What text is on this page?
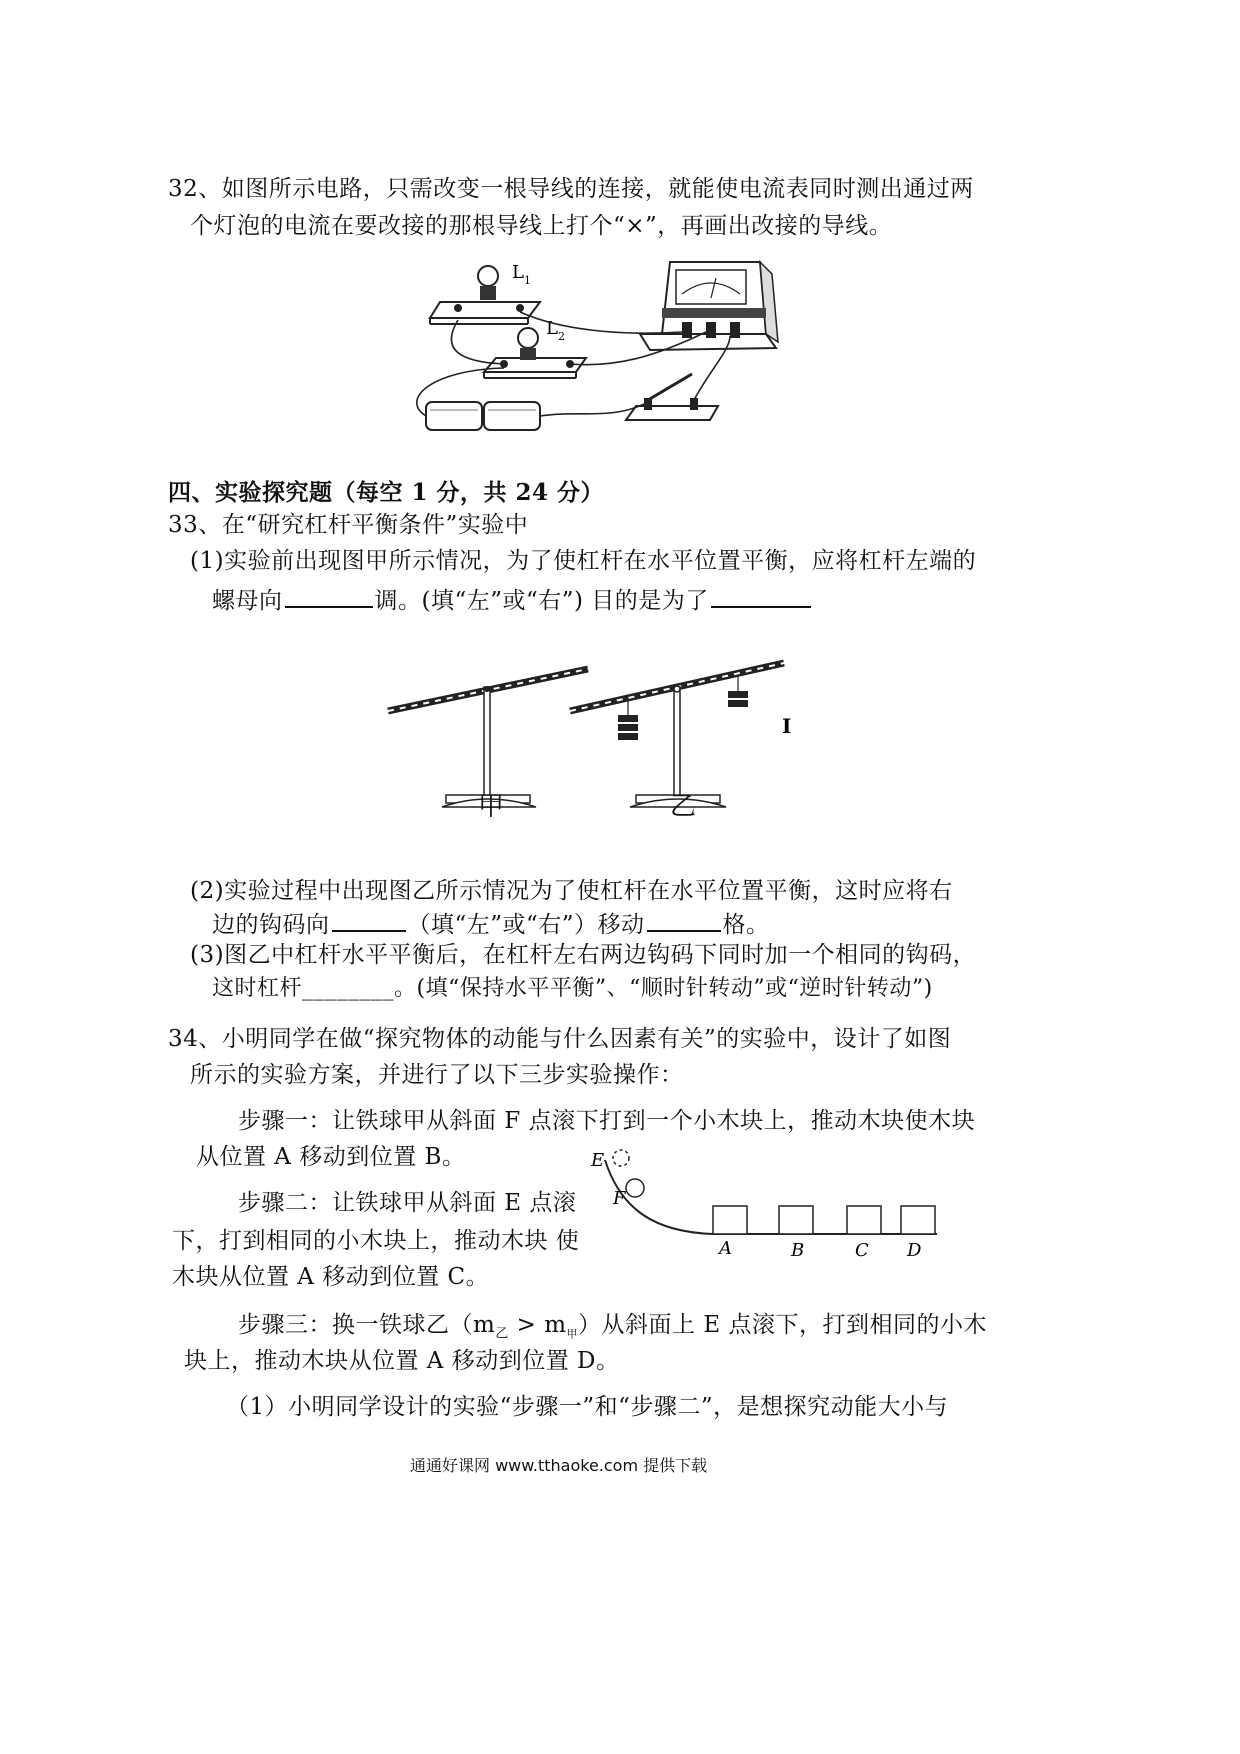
32、如图所示电路，只需改变一根导线的连接，就能使电流表同时测出通过两
个灯泡的电流在要改接的那根导线上打个“×”，再画出改接的导线。
L 1
L 2
四、实验探究题（每空 1 分，共 24 分）
33、在“研究杠杆平衡条件”实验中
(1)实验前出现图甲所示情况，为了使杠杆在水平位置平衡，应将杠杆左端的
螺母向	调。(填“左”或“右”) 目的是为了
I
甲	乙
(2)实验过程中出现图乙所示情况为了使杠杆在水平位置平衡，这时应将右
边的钩码向	（填“左”或“右”）移动	格。
(3)图乙中杠杆水平平衡后，在杠杆左右两边钩码下同时加一个相同的钩码，
这时杠杆________。(填“保持水平平衡”、“顺时针转动”或“逆时针转动”)
34、小明同学在做“探究物体的动能与什么因素有关”的实验中，设计了如图
所示的实验方案，并进行了以下三步实验操作：
步骤一：让铁球甲从斜面 F 点滚下打到一个小木块上，推动木块使木块
从位置 A 移动到位置 B。
步骤二：让铁球甲从斜面 E 点滚
下，打到相同的小木块上，推动木块 使
木块从位置 A 移动到位置 C。
E
F
A	B	C D
步骤三：换一铁球乙$(m_乙 > m_甲)$从斜面上 E 点滚下，打到相同的小木
块上，推动木块从位置 A 移动到位置 D。
（1）小明同学设计的实验“步骤一”和“步骤二”，是想探究动能大小与
通通好课网 www.tthaoke.com 提供下载
